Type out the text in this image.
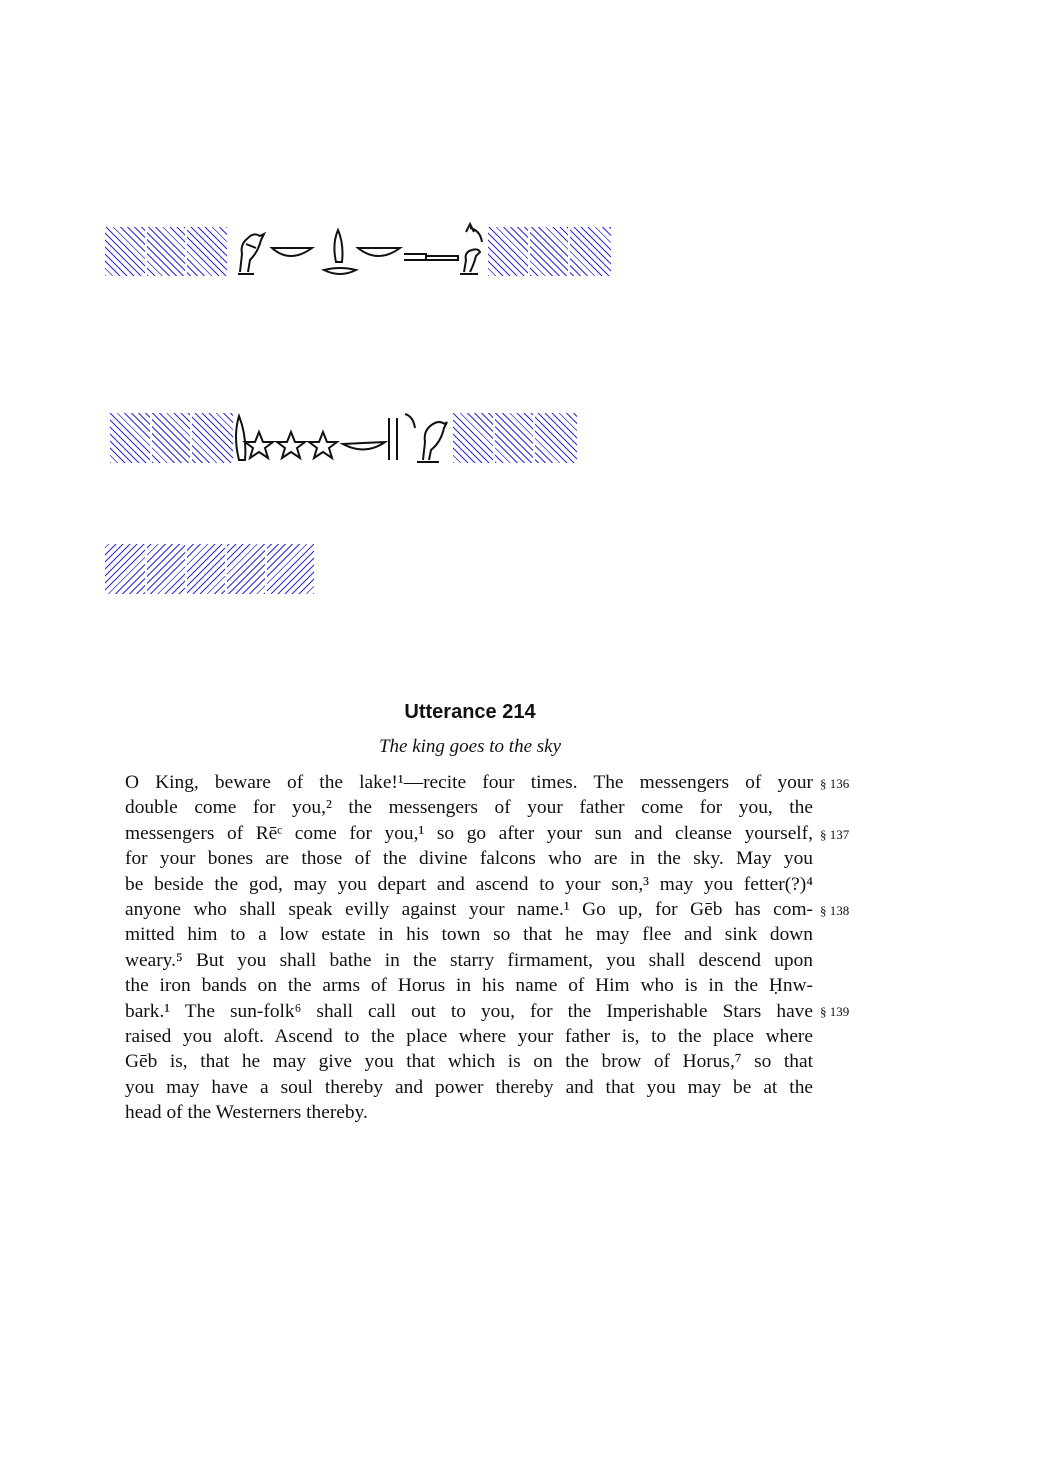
Utterance 214
The king goes to the sky
O King, beware of the lake!¹—recite four times. The messengers of your
double come for you,² the messengers of your father come for you, the
messengers of Rēᶜ come for you,¹ so go after your sun and cleanse yourself,
for your bones are those of the divine falcons who are in the sky. May you
be beside the god, may you depart and ascend to your son,³ may you fetter(?)⁴
anyone who shall speak evilly against your name.¹ Go up, for Gēb has com-
mitted him to a low estate in his town so that he may flee and sink down
weary.⁵ But you shall bathe in the starry firmament, you shall descend upon
the iron bands on the arms of Horus in his name of Him who is in the Ḥnw-
bark.¹ The sun-folk⁶ shall call out to you, for the Imperishable Stars have
raised you aloft. Ascend to the place where your father is, to the place where
Gēb is, that he may give you that which is on the brow of Horus,⁷ so that
you may have a soul thereby and power thereby and that you may be at the
head of the Westerners thereby.
§ 136
§ 137
§ 138
§ 139
